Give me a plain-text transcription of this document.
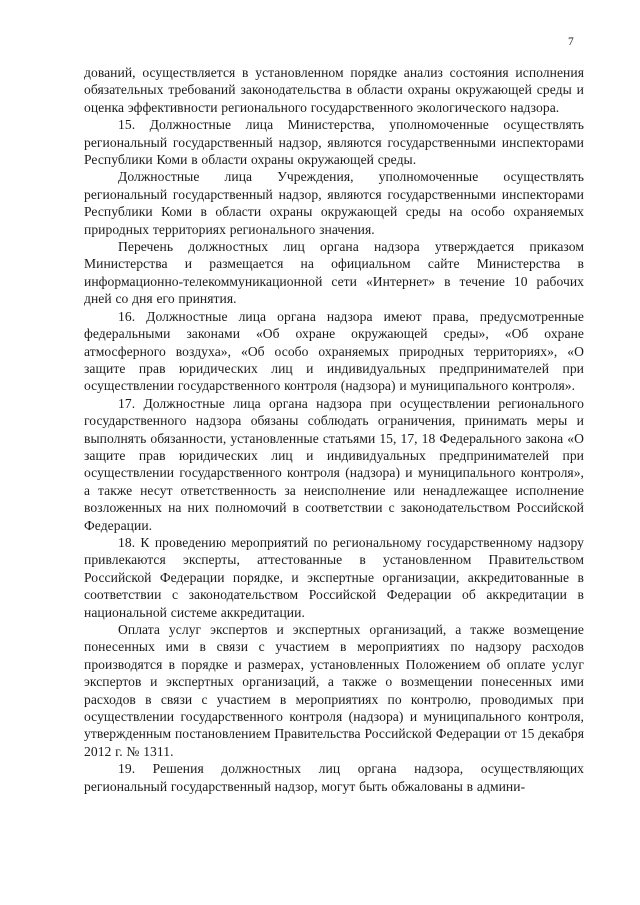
7

дований, осуществляется в установленном порядке анализ состояния исполнения обязательных требований законодательства в области охраны окружающей среды и оценка эффективности регионального государственного экологического надзора.

15. Должностные лица Министерства, уполномоченные осуществлять региональный государственный надзор, являются государственными инспекторами Республики Коми в области охраны окружающей среды.

Должностные лица Учреждения, уполномоченные осуществлять региональный государственный надзор, являются государственными инспекторами Республики Коми в области охраны окружающей среды на особо охраняемых природных территориях регионального значения.

Перечень должностных лиц органа надзора утверждается приказом Министерства и размещается на официальном сайте Министерства в информационно-телекоммуникационной сети «Интернет» в течение 10 рабочих дней со дня его принятия.

16. Должностные лица органа надзора имеют права, предусмотренные федеральными законами «Об охране окружающей среды», «Об охране атмосферного воздуха», «Об особо охраняемых природных территориях», «О защите прав юридических лиц и индивидуальных предпринимателей при осуществлении государственного контроля (надзора) и муниципального контроля».

17. Должностные лица органа надзора при осуществлении регионального государственного надзора обязаны соблюдать ограничения, принимать меры и выполнять обязанности, установленные статьями 15, 17, 18 Федерального закона «О защите прав юридических лиц и индивидуальных предпринимателей при осуществлении государственного контроля (надзора) и муниципального контроля», а также несут ответственность за неисполнение или ненадлежащее исполнение возложенных на них полномочий в соответствии с законодательством Российской Федерации.

18. К проведению мероприятий по региональному государственному надзору привлекаются эксперты, аттестованные в установленном Правительством Российской Федерации порядке, и экспертные организации, аккредитованные в соответствии с законодательством Российской Федерации об аккредитации в национальной системе аккредитации.

Оплата услуг экспертов и экспертных организаций, а также возмещение понесенных ими в связи с участием в мероприятиях по надзору расходов производятся в порядке и размерах, установленных Положением об оплате услуг экспертов и экспертных организаций, а также о возмещении понесенных ими расходов в связи с участием в мероприятиях по контролю, проводимых при осуществлении государственного контроля (надзора) и муниципального контроля, утвержденным постановлением Правительства Российской Федерации от 15 декабря 2012 г. № 1311.

19. Решения должностных лиц органа надзора, осуществляющих региональный государственный надзор, могут быть обжалованы в админи-
